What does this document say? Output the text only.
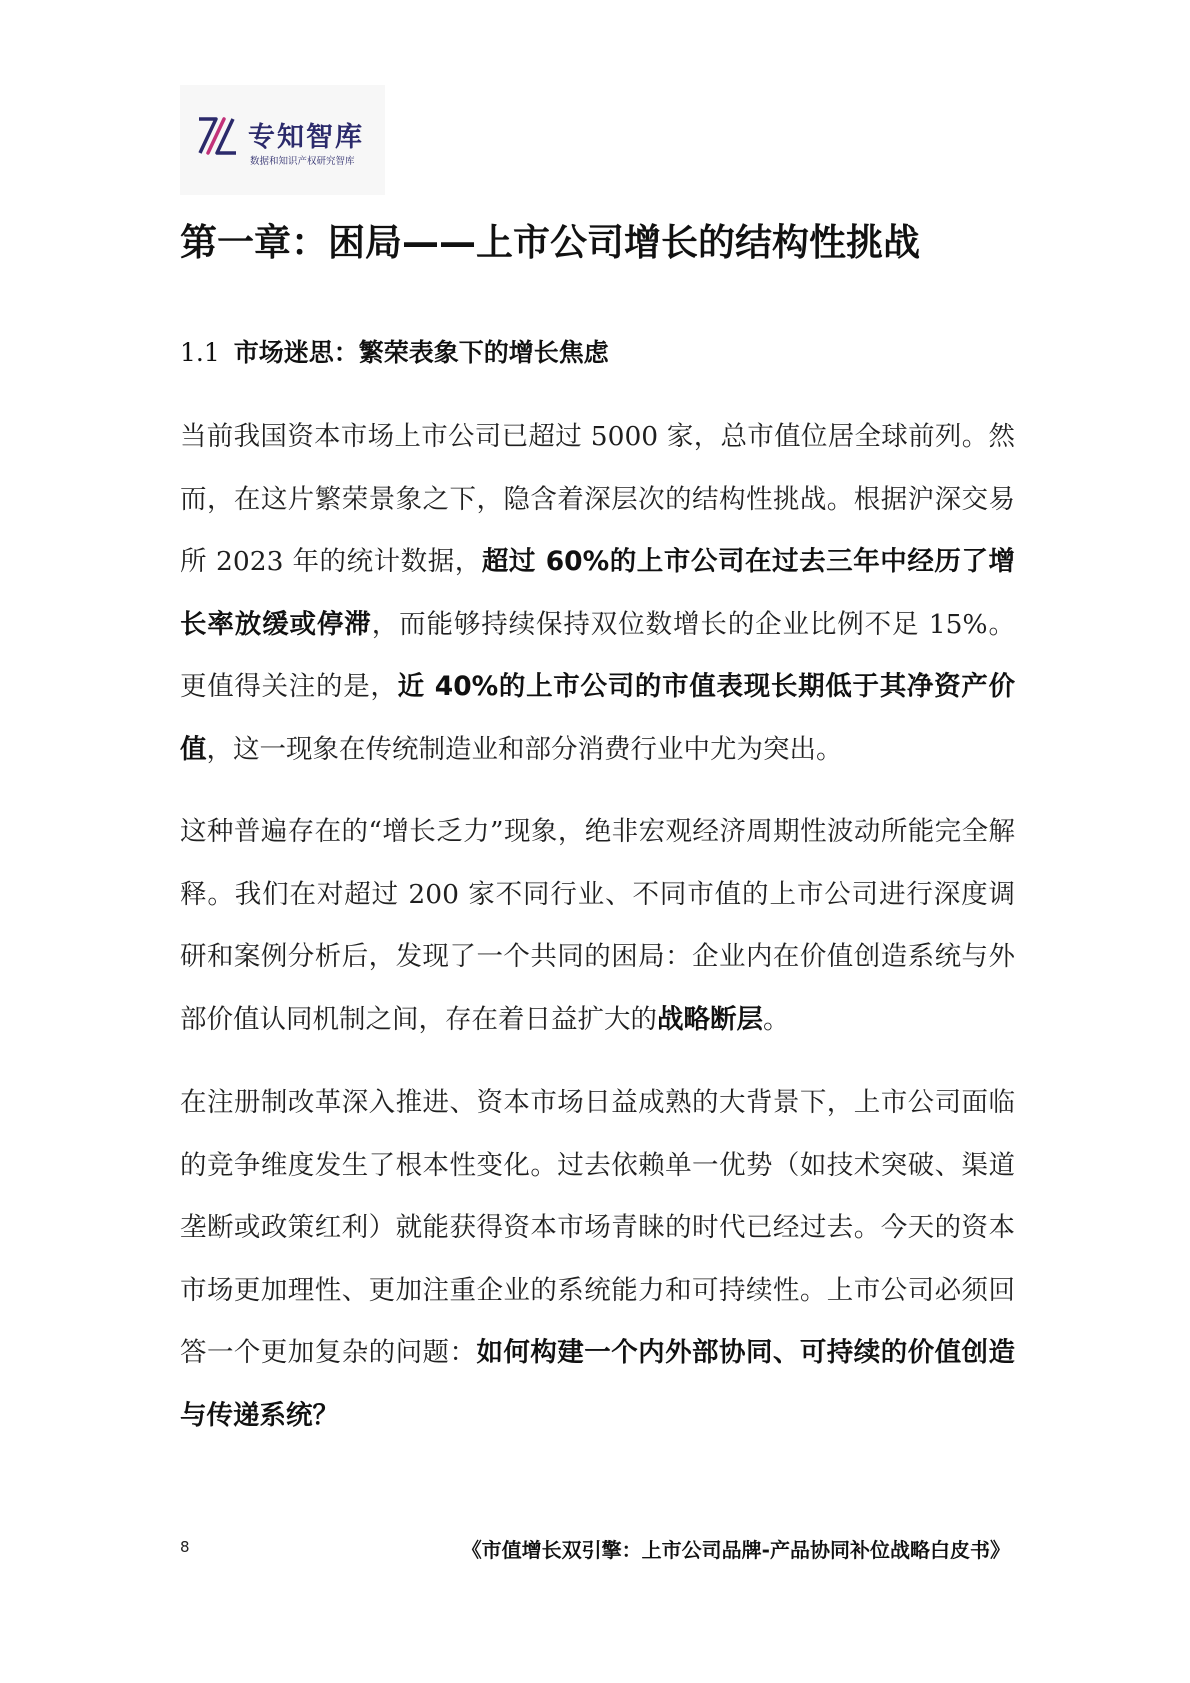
专知智库
数据和知识产权研究智库
第一章：困局——上市公司增长的结构性挑战
1.1 市场迷思：繁荣表象下的增长焦虑

当前我国资本市场上市公司已超过 5000 家，总市值位居全球前列。然而，在这片繁荣景象之下，隐含着深层次的结构性挑战。根据沪深交易所 2023 年的统计数据，超过 60%的上市公司在过去三年中经历了增长率放缓或停滞，而能够持续保持双位数增长的企业比例不足 15%。更值得关注的是，近 40%的上市公司的市值表现长期低于其净资产价值，这一现象在传统制造业和部分消费行业中尤为突出。

这种普遍存在的“增长乏力”现象，绝非宏观经济周期性波动所能完全解释。我们在对超过 200 家不同行业、不同市值的上市公司进行深度调研和案例分析后，发现了一个共同的困局：企业内在价值创造系统与外部价值认同机制之间，存在着日益扩大的战略断层。

在注册制改革深入推进、资本市场日益成熟的大背景下，上市公司面临的竞争维度发生了根本性变化。过去依赖单一优势（如技术突破、渠道垄断或政策红利）就能获得资本市场青睐的时代已经过去。今天的资本市场更加理性、更加注重企业的系统能力和可持续性。上市公司必须回答一个更加复杂的问题：如何构建一个内外部协同、可持续的价值创造与传递系统？

8	《市值增长双引擎：上市公司品牌-产品协同补位战略白皮书》
